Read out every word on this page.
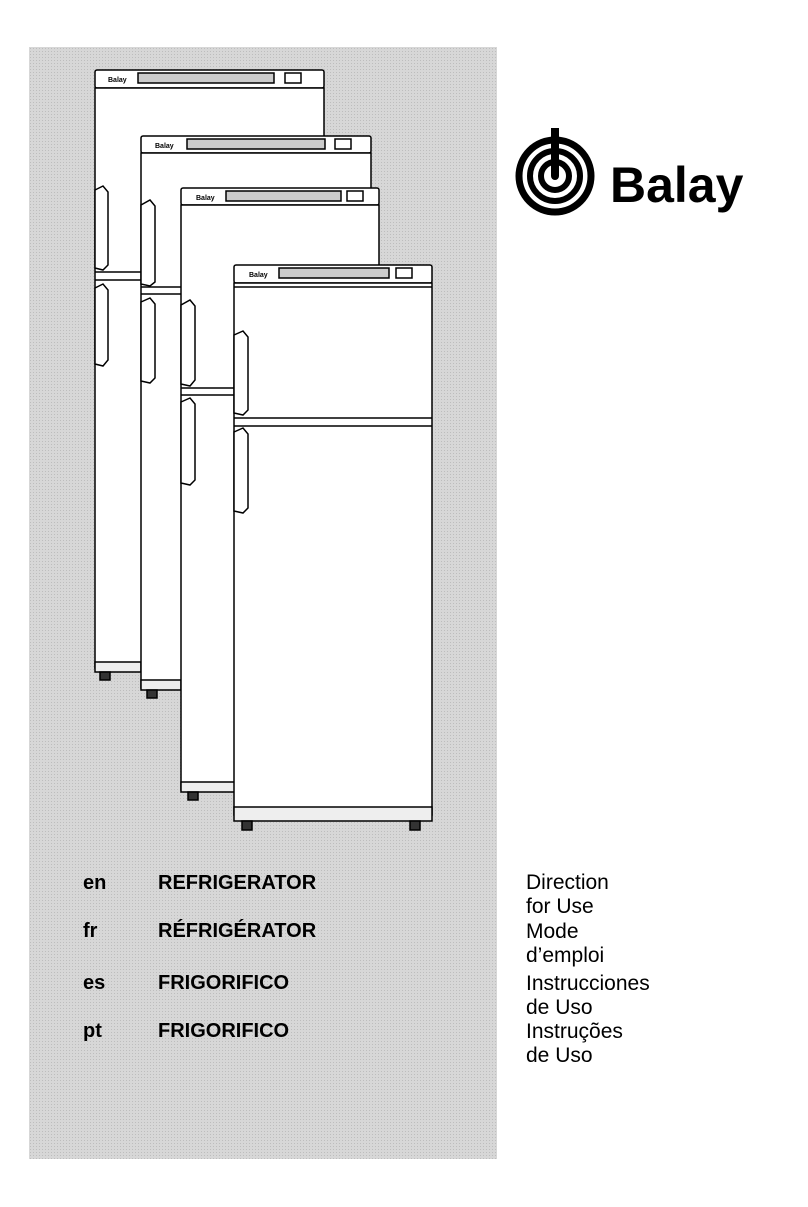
Balay
Balay
Balay
Balay
Balay
en	REFRIGERATOR	Direction for Use
fr	RÉFRIGÉRATOR	Mode d’emploi
es	FRIGORIFICO	Instrucciones de Uso
pt	FRIGORIFICO	Instruções de Uso
